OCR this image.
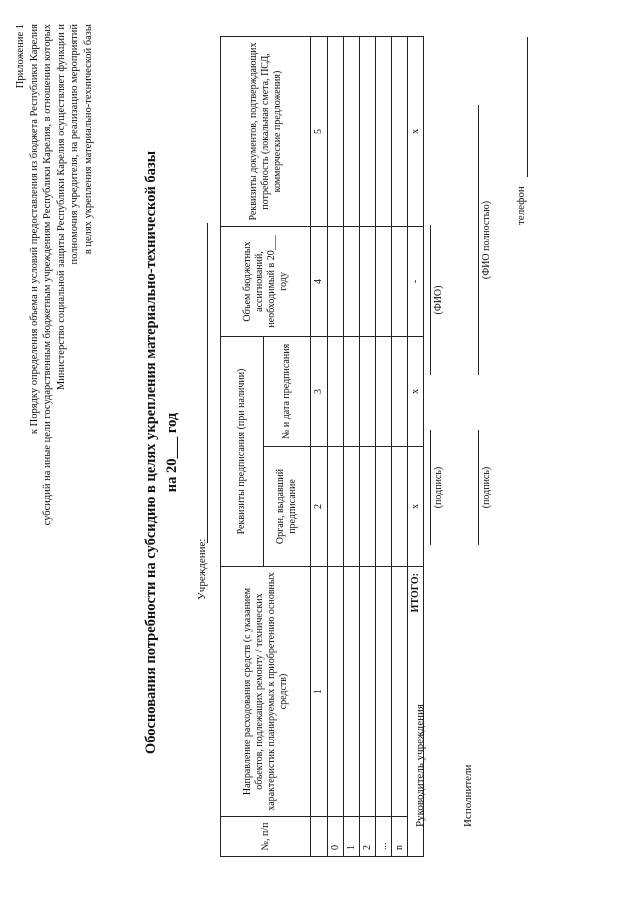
Приложение 1 к Порядку определения объема и условий предоставления из бюджета Республики Карелия субсидий на иные цели государственным бюджетным учреждениям Республики Карелия, в отношении которых Министерство социальной защиты Республики Карелия осуществляет функции и полномочия учредителя, на реализацию мероприятий в целях укрепления материально-технической базы
Обоснования потребности на субсидию в целях укрепления материально-технической базы на 20___ год
Учреждение:
№, п/п	Направление расходования средств (с указанием объектов, подлежащих ремонту / технических характеристик планируемых к приобретению основных средств)	Реквизиты предписания (при наличии)		Объем бюджетных ассигнований, необходимый в 20___ году	Реквизиты документов, подтверждающих потребность (локальная смета, ПСД, коммерческие предложения)
		Орган, выдавший предписание	№ и дата предписания		
	1	2	3	4	5
0					
1					
2					
...					
n					
ИТОГО:		x	x	-	x
Руководитель учреждения
(подпись)
(ФИО)
Исполнители
(подпись)
(ФИО полностью) телефон
